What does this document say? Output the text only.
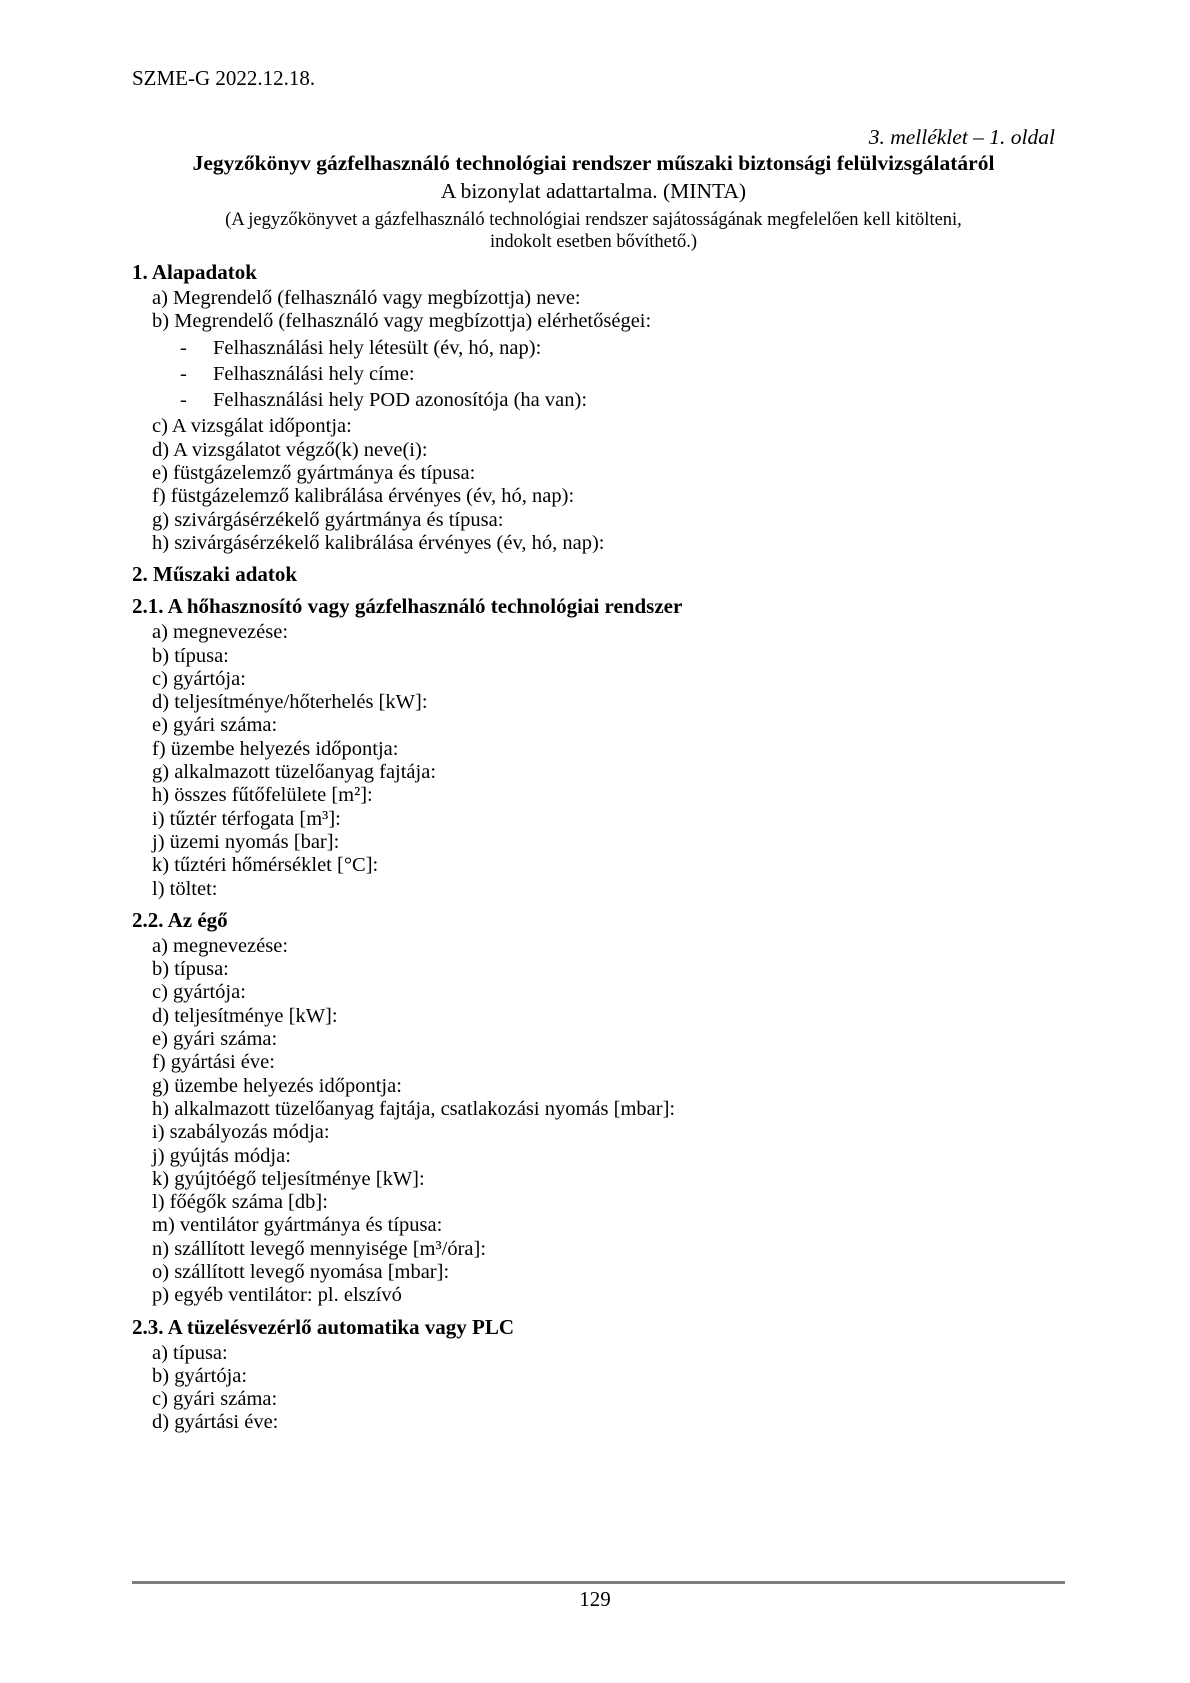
SZME-G 2022.12.18.
3. melléklet – 1. oldal
Jegyzőkönyv gázfelhasználó technológiai rendszer műszaki biztonsági felülvizsgálatáról
A bizonylat adattartalma. (MINTA)
(A jegyzőkönyvet a gázfelhasználó technológiai rendszer sajátosságának megfelelően kell kitölteni,
indokolt esetben bővíthető.)
1. Alapadatok
a) Megrendelő (felhasználó vagy megbízottja) neve:
b) Megrendelő (felhasználó vagy megbízottja) elérhetőségei:
-	Felhasználási hely létesült (év, hó, nap):
-	Felhasználási hely címe:
-	Felhasználási hely POD azonosítója (ha van):
c) A vizsgálat időpontja:
d) A vizsgálatot végző(k) neve(i):
e) füstgázelemző gyártmánya és típusa:
f) füstgázelemző kalibrálása érvényes (év, hó, nap):
g) szivárgásérzékelő gyártmánya és típusa:
h) szivárgásérzékelő kalibrálása érvényes (év, hó, nap):
2. Műszaki adatok
2.1. A hőhasznosító vagy gázfelhasználó technológiai rendszer
a) megnevezése:
b) típusa:
c) gyártója:
d) teljesítménye/hőterhelés [kW]:
e) gyári száma:
f) üzembe helyezés időpontja:
g) alkalmazott tüzelőanyag fajtája:
h) összes fűtőfelülete [m²]:
i) tűztér térfogata [m³]:
j) üzemi nyomás [bar]:
k) tűztéri hőmérséklet [°C]:
l) töltet:
2.2. Az égő
a) megnevezése:
b) típusa:
c) gyártója:
d) teljesítménye [kW]:
e) gyári száma:
f) gyártási éve:
g) üzembe helyezés időpontja:
h) alkalmazott tüzelőanyag fajtája, csatlakozási nyomás [mbar]:
i) szabályozás módja:
j) gyújtás módja:
k) gyújtóégő teljesítménye [kW]:
l) főégők száma [db]:
m) ventilátor gyártmánya és típusa:
n) szállított levegő mennyisége [m³/óra]:
o) szállított levegő nyomása [mbar]:
p) egyéb ventilátor: pl. elszívó
2.3. A tüzelésvezérlő automatika vagy PLC
a) típusa:
b) gyártója:
c) gyári száma:
d) gyártási éve:
129
